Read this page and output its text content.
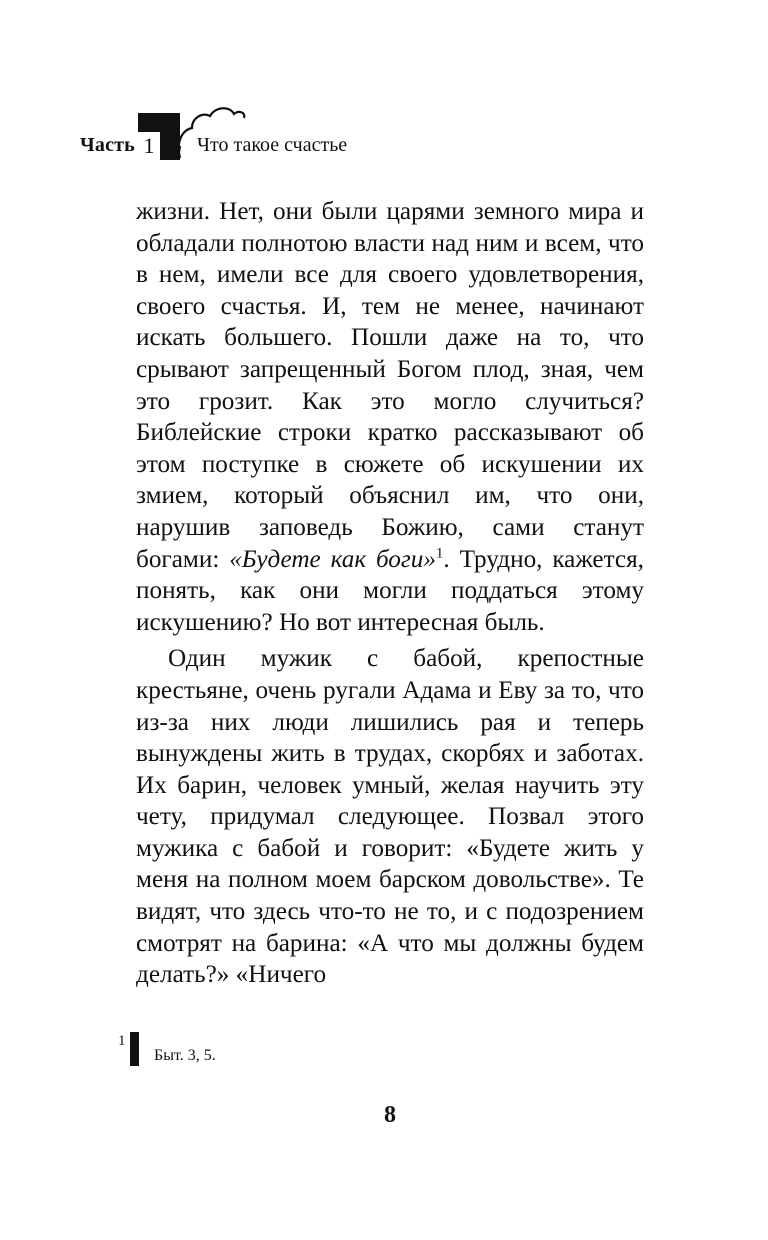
Часть 1 Что такое счастье

жизни. Нет, они были царями земного мира и обладали полнотою власти над ним и всем, что в нем, имели все для своего удовлетворения, своего счастья. И, тем не менее, начинают искать большего. Пошли даже на то, что срывают запрещенный Богом плод, зная, чем это грозит. Как это могло случиться? Библейские строки кратко рассказывают об этом поступке в сюжете об искушении их змием, который объяснил им, что они, нарушив заповедь Божию, сами станут богами: «Будете как боги»$^1$. Трудно, кажется, понять, как они могли поддаться этому искушению? Но вот интересная быль.

Один мужик с бабой, крепостные крестьяне, очень ругали Адама и Еву за то, что из-за них люди лишились рая и теперь вынуждены жить в трудах, скорбях и заботах. Их барин, человек умный, желая научить эту чету, придумал следующее. Позвал этого мужика с бабой и говорит: «Будете жить у меня на полном моем барском довольстве». Те видят, что здесь что-то не то, и с подозрением смотрят на барина: «А что мы должны будем делать?» «Ничего

1
Быт. 3, 5.
8
